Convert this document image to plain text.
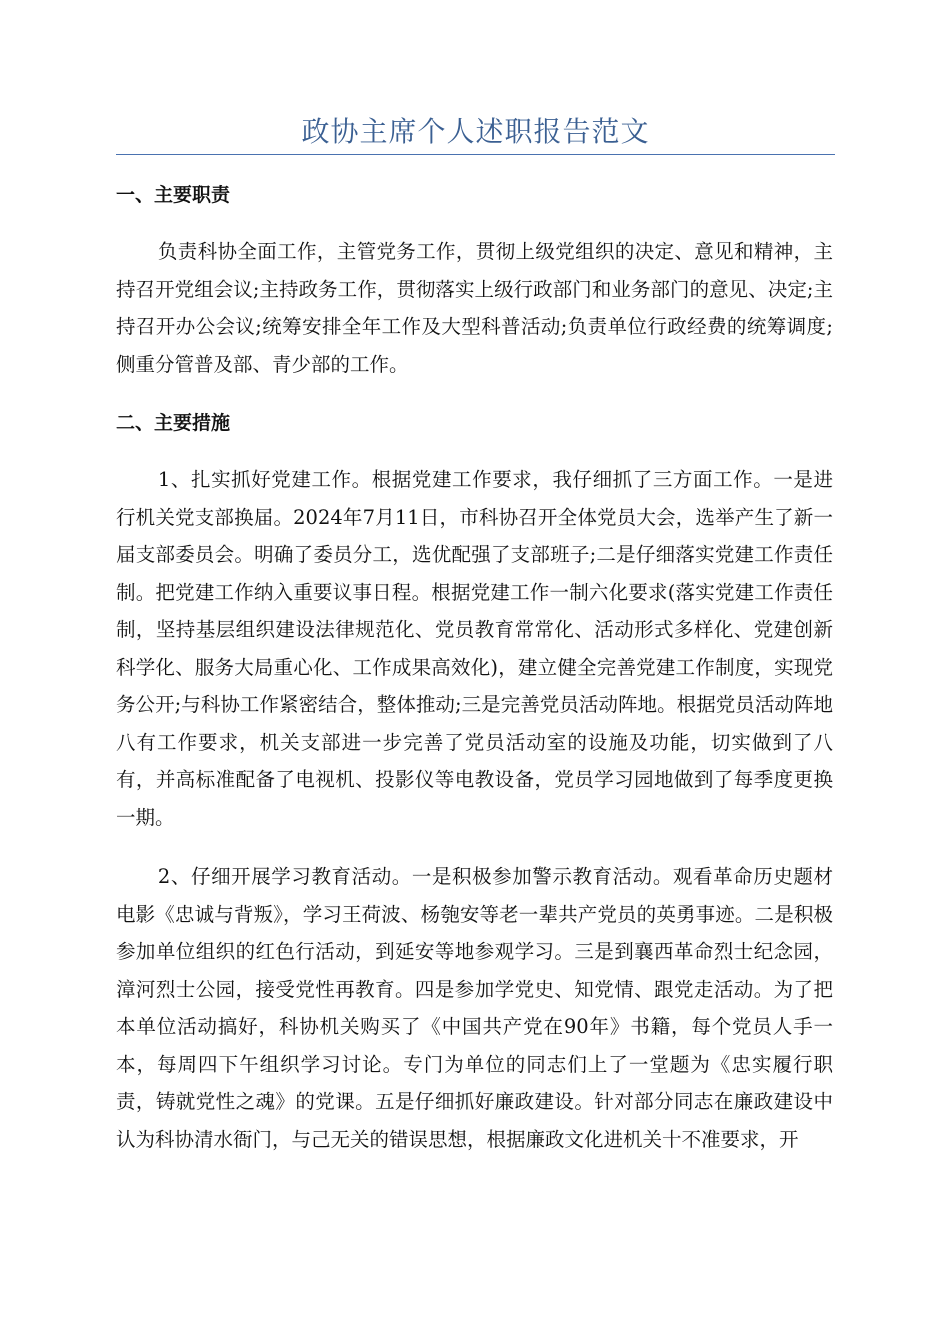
政协主席个人述职报告范文
一、主要职责

负责科协全面工作，主管党务工作，贯彻上级党组织的决定、意见和精神，主持召开党组会议;主持政务工作，贯彻落实上级行政部门和业务部门的意见、决定;主持召开办公会议;统筹安排全年工作及大型科普活动;负责单位行政经费的统筹调度;侧重分管普及部、青少部的工作。

二、主要措施

1、扎实抓好党建工作。根据党建工作要求，我仔细抓了三方面工作。一是进行机关党支部换届。2024年7月11日，市科协召开全体党员大会，选举产生了新一届支部委员会。明确了委员分工，选优配强了支部班子;二是仔细落实党建工作责任制。把党建工作纳入重要议事日程。根据党建工作一制六化要求(落实党建工作责任制，坚持基层组织建设法律规范化、党员教育常常化、活动形式多样化、党建创新科学化、服务大局重心化、工作成果高效化)，建立健全完善党建工作制度，实现党务公开;与科协工作紧密结合，整体推动;三是完善党员活动阵地。根据党员活动阵地八有工作要求，机关支部进一步完善了党员活动室的设施及功能，切实做到了八有，并高标准配备了电视机、投影仪等电教设备，党员学习园地做到了每季度更换一期。

2、仔细开展学习教育活动。一是积极参加警示教育活动。观看革命历史题材电影《忠诚与背叛》，学习王荷波、杨匏安等老一辈共产党员的英勇事迹。二是积极参加单位组织的红色行活动，到延安等地参观学习。三是到襄西革命烈士纪念园，漳河烈士公园，接受党性再教育。四是参加学党史、知党情、跟党走活动。为了把本单位活动搞好，科协机关购买了《中国共产党在90年》书籍，每个党员人手一本，每周四下午组织学习讨论。专门为单位的同志们上了一堂题为《忠实履行职责，铸就党性之魂》的党课。五是仔细抓好廉政建设。针对部分同志在廉政建设中认为科协清水衙门，与己无关的错误思想，根据廉政文化进机关十不准要求，开
